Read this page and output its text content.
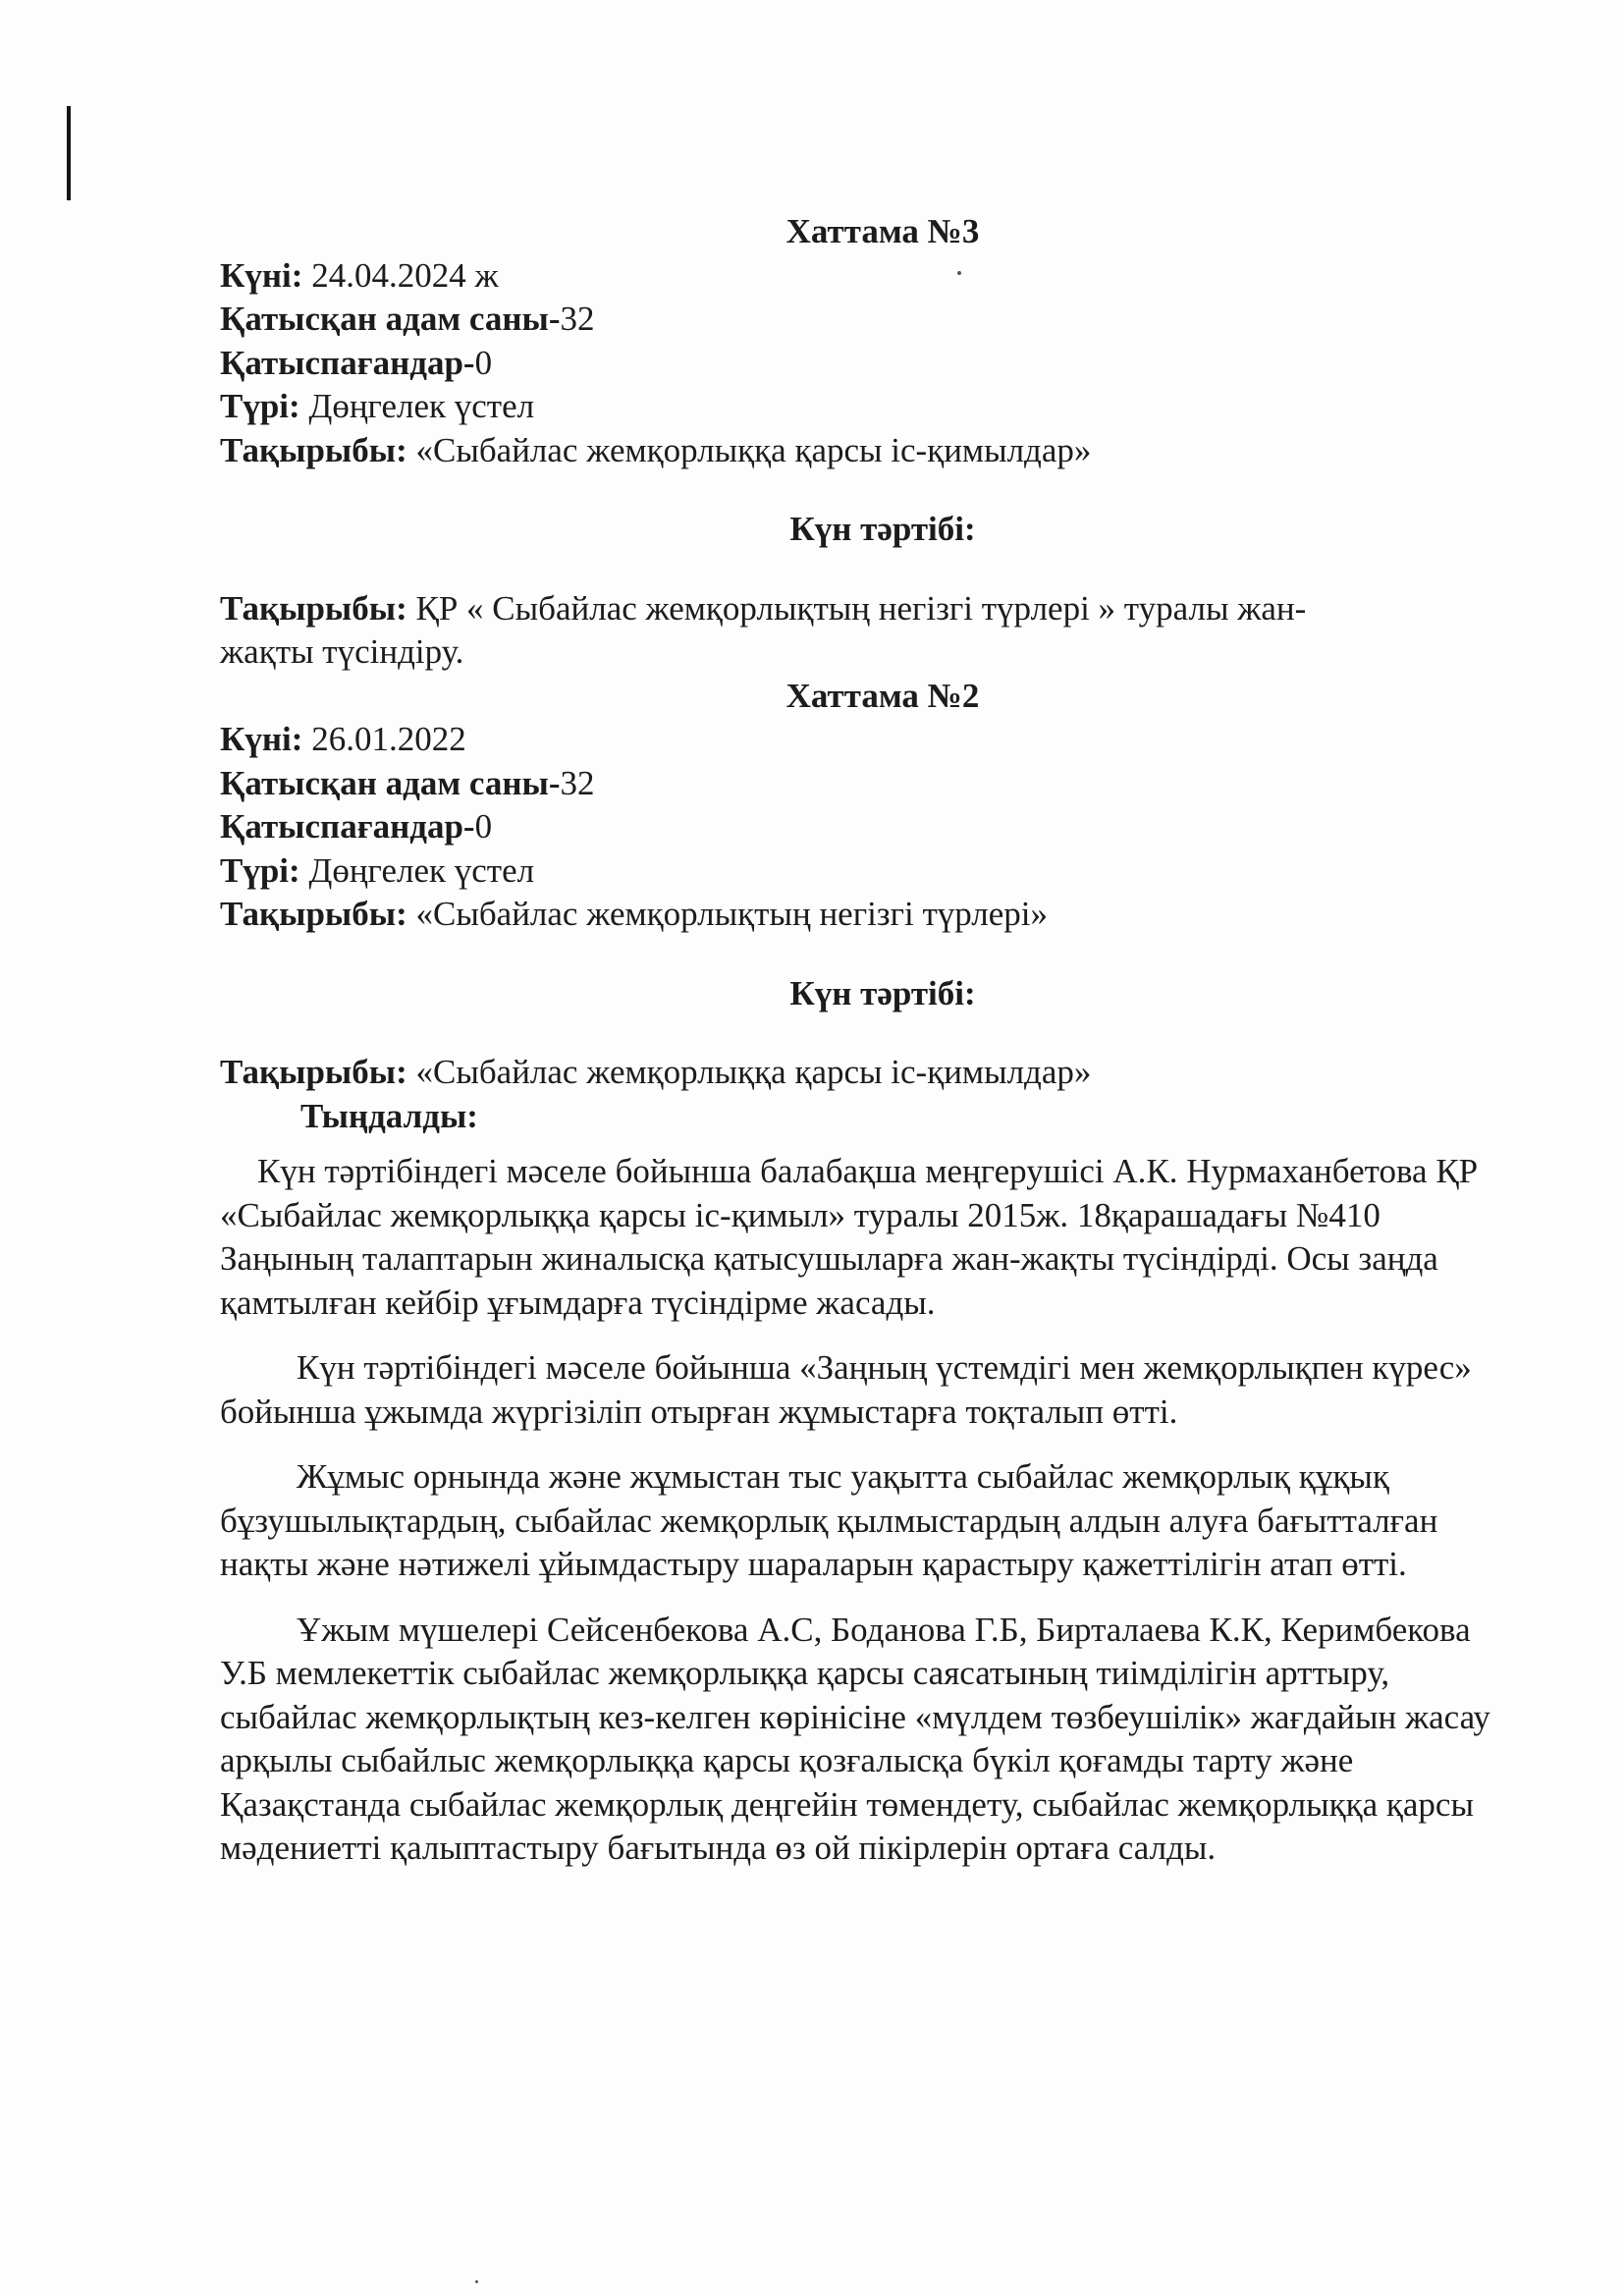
Хаттама №3

Күні: 24.04.2024 ж

Қатысқан адам саны-32

Қатыспағандар-0

Түрі: Дөңгелек үстел

Тақырыбы: «Сыбайлас жемқорлыққа қарсы іс-қимылдар»

Күн тәртібі:

Тақырыбы: ҚР « Сыбайлас жемқорлықтың негізгі түрлері » туралы жан-

жақты түсіндіру.

Хаттама №2

Күні: 26.01.2022

Қатысқан адам саны-32

Қатыспағандар-0

Түрі: Дөңгелек үстел

Тақырыбы: «Сыбайлас жемқорлықтың негізгі түрлері»

Күн тәртібі:

Тақырыбы: «Сыбайлас жемқорлыққа қарсы іс-қимылдар»

Тыңдалды:

Күн тәртібіндегі мәселе бойынша балабақша меңгерушісі А.К. Нурмаханбетова ҚР «Сыбайлас жемқорлыққа қарсы іс-қимыл» туралы 2015ж. 18қарашадағы №410 Заңының талаптарын жиналысқа қатысушыларға жан-жақты түсіндірді. Осы заңда қамтылған кейбір ұғымдарға түсіндірме жасады.

Күн тәртібіндегі мәселе бойынша «Заңның үстемдігі мен жемқорлықпен күрес» бойынша ұжымда жүргізіліп отырған жұмыстарға тоқталып өтті.

Жұмыс орнында және жұмыстан тыс уақытта сыбайлас жемқорлық құқық бұзушылықтардың, сыбайлас жемқорлық қылмыстардың алдын алуға бағытталған нақты және нәтижелі ұйымдастыру шараларын қарастыру қажеттілігін атап өтті.

Ұжым мүшелері Сейсенбекова А.С, Боданова Г.Б, Бирталаева К.К, Керимбекова У.Б мемлекеттік сыбайлас жемқорлыққа қарсы саясатының тиімділігін арттыру, сыбайлас жемқорлықтың кез-келген көрінісіне «мүлдем төзбеушілік» жағдайын жасау арқылы сыбайлыс жемқорлыққа қарсы қозғалысқа бүкіл қоғамды тарту және Қазақстанда сыбайлас жемқорлық деңгейін төмендету, сыбайлас жемқорлыққа қарсы мәдениетті қалыптастыру бағытында өз ой пікірлерін ортаға салды.
